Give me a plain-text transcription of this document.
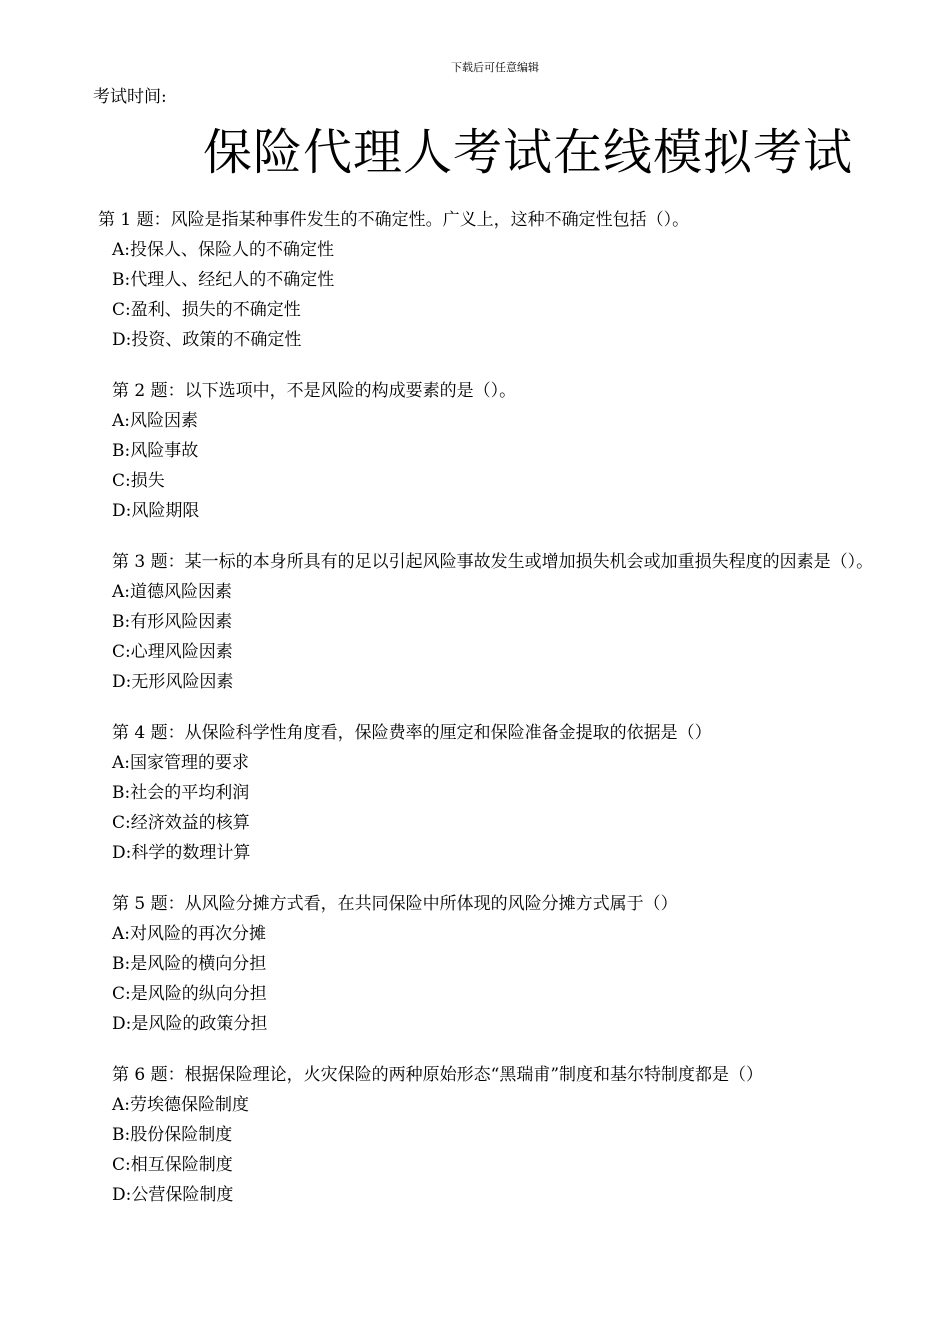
下载后可任意编辑
考试时间:
保险代理人考试在线模拟考试

第 1 题：风险是指某种事件发生的不确定性。广义上，这种不确定性包括（）。

A:投保人、保险人的不确定性

B:代理人、经纪人的不确定性

C:盈利、损失的不确定性

D:投资、政策的不确定性

第 2 题：以下选项中，不是风险的构成要素的是（）。

A:风险因素

B:风险事故

C:损失

D:风险期限

第 3 题：某一标的本身所具有的足以引起风险事故发生或增加损失机会或加重损失程度的因素是（）。

A:道德风险因素

B:有形风险因素

C:心理风险因素

D:无形风险因素

第 4 题：从保险科学性角度看，保险费率的厘定和保险准备金提取的依据是（）

A:国家管理的要求

B:社会的平均利润

C:经济效益的核算

D:科学的数理计算

第 5 题：从风险分摊方式看，在共同保险中所体现的风险分摊方式属于（）

A:对风险的再次分摊

B:是风险的横向分担

C:是风险的纵向分担

D:是风险的政策分担

第 6 题：根据保险理论，火灾保险的两种原始形态“黑瑞甫”制度和基尔特制度都是（）

A:劳埃德保险制度

B:股份保险制度

C:相互保险制度

D:公营保险制度
